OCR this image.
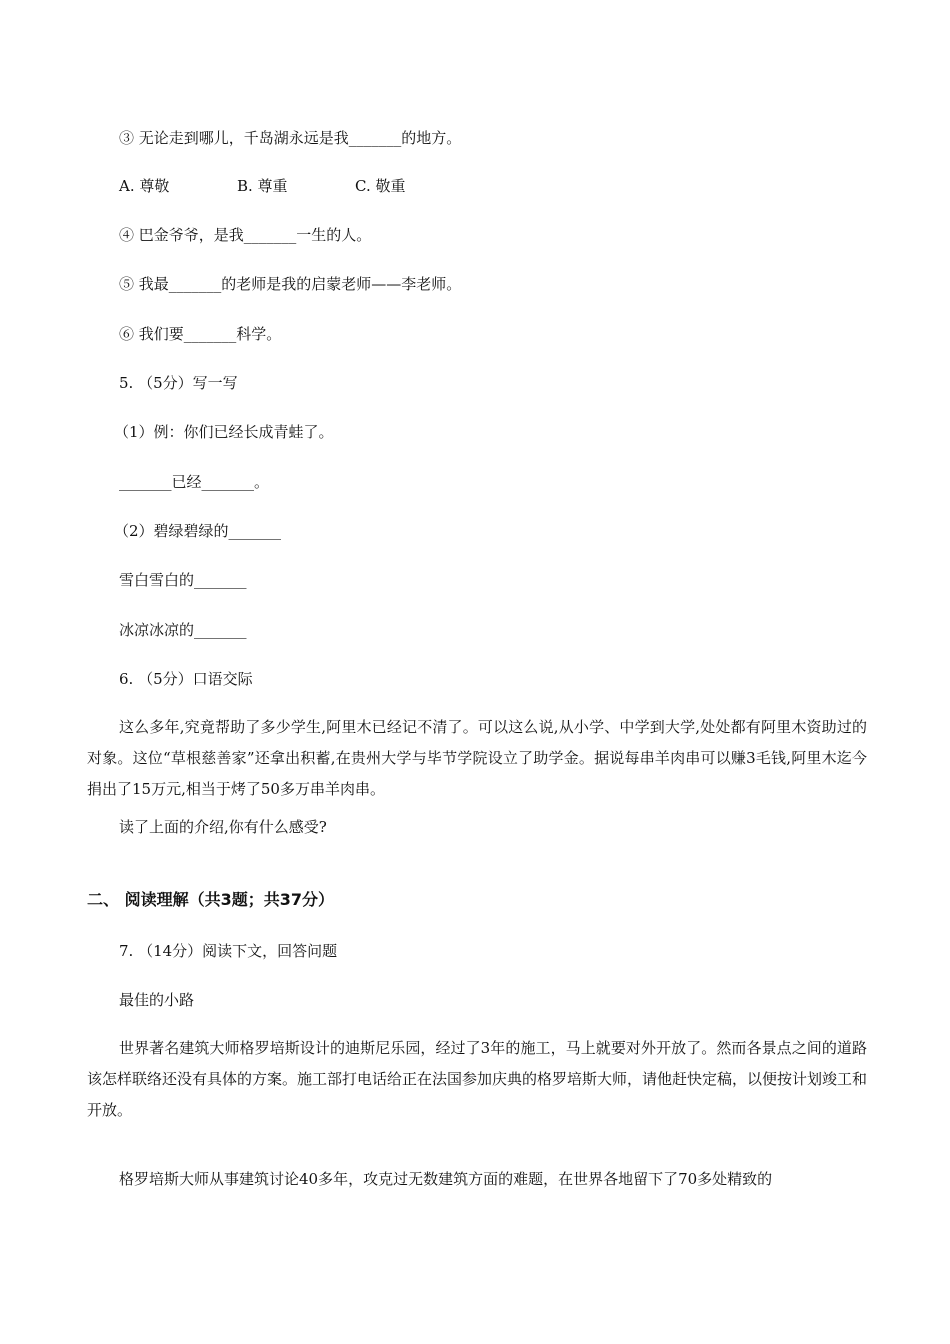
③ 无论走到哪儿，千岛湖永远是我_______的地方。
A. 尊敬	B. 尊重	C. 敬重
④ 巴金爷爷，是我_______一生的人。
⑤ 我最_______的老师是我的启蒙老师——李老师。
⑥ 我们要_______科学。
5. （5分）写一写
（1）例：你们已经长成青蛙了。
_______已经_______。
（2）碧绿碧绿的_______
雪白雪白的_______
冰凉冰凉的_______
6. （5分）口语交际
这么多年,究竟帮助了多少学生,阿里木已经记不清了。可以这么说,从小学、中学到大学,处处都有阿里木资助过的对象。这位“草根慈善家”还拿出积蓄,在贵州大学与毕节学院设立了助学金。据说每串羊肉串可以赚3毛钱,阿里木迄今捐出了15万元,相当于烤了50多万串羊肉串。
读了上面的介绍,你有什么感受?
二、 阅读理解（共3题；共37分）
7. （14分）阅读下文，回答问题
最佳的小路
世界著名建筑大师格罗培斯设计的迪斯尼乐园，经过了3年的施工，马上就要对外开放了。然而各景点之间的道路该怎样联络还没有具体的方案。施工部打电话给正在法国参加庆典的格罗培斯大师，请他赶快定稿，以便按计划竣工和开放。
格罗培斯大师从事建筑讨论40多年，攻克过无数建筑方面的难题，在世界各地留下了70多处精致的
